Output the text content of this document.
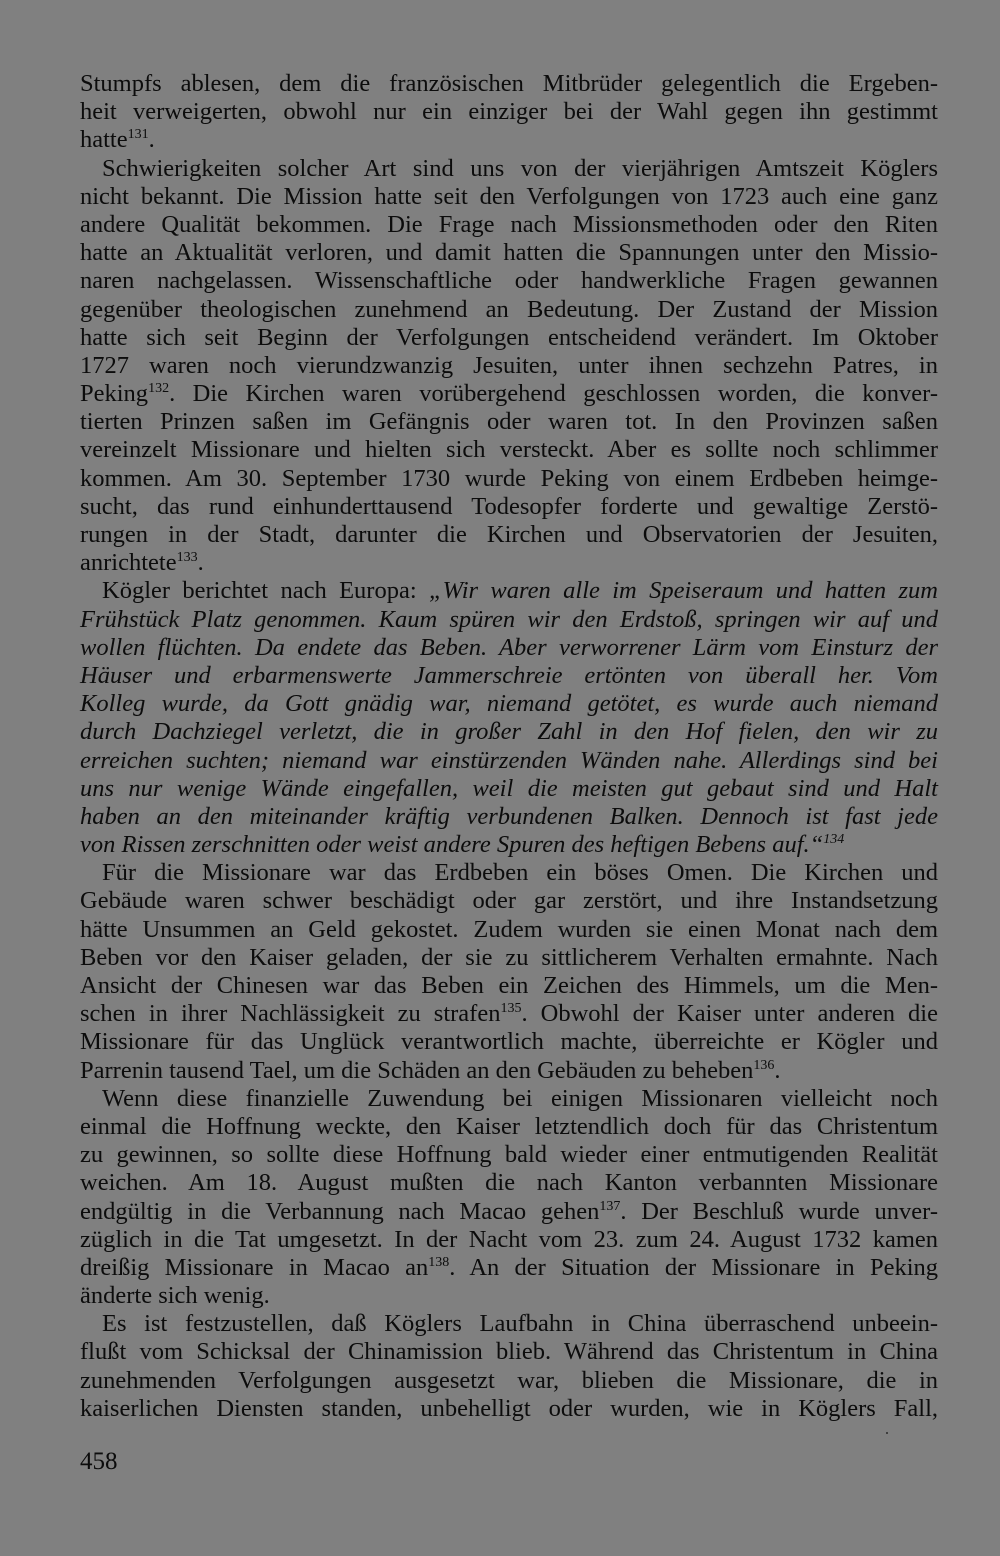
Stumpfs ablesen, dem die französischen Mitbrüder gelegentlich die Ergeben-
heit verweigerten, obwohl nur ein einziger bei der Wahl gegen ihn gestimmt
hatte$^{131}$.
Schwierigkeiten solcher Art sind uns von der vierjährigen Amtszeit Köglers
nicht bekannt. Die Mission hatte seit den Verfolgungen von 1723 auch eine ganz
andere Qualität bekommen. Die Frage nach Missionsmethoden oder den Riten
hatte an Aktualität verloren, und damit hatten die Spannungen unter den Missio-
naren nachgelassen. Wissenschaftliche oder handwerkliche Fragen gewannen
gegenüber theologischen zunehmend an Bedeutung. Der Zustand der Mission
hatte sich seit Beginn der Verfolgungen entscheidend verändert. Im Oktober
1727 waren noch vierundzwanzig Jesuiten, unter ihnen sechzehn Patres, in
Peking$^{132}$. Die Kirchen waren vorübergehend geschlossen worden, die konver-
tierten Prinzen saßen im Gefängnis oder waren tot. In den Provinzen saßen
vereinzelt Missionare und hielten sich versteckt. Aber es sollte noch schlimmer
kommen. Am 30. September 1730 wurde Peking von einem Erdbeben heimge-
sucht, das rund einhunderttausend Todesopfer forderte und gewaltige Zerstö-
rungen in der Stadt, darunter die Kirchen und Observatorien der Jesuiten,
anrichtete$^{133}$.
Kögler berichtet nach Europa: „Wir waren alle im Speiseraum und hatten zum
Frühstück Platz genommen. Kaum spüren wir den Erdstoß, springen wir auf und
wollen flüchten. Da endete das Beben. Aber verworrener Lärm vom Einsturz der
Häuser und erbarmenswerte Jammerschreie ertönten von überall her. Vom
Kolleg wurde, da Gott gnädig war, niemand getötet, es wurde auch niemand
durch Dachziegel verletzt, die in großer Zahl in den Hof fielen, den wir zu
erreichen suchten; niemand war einstürzenden Wänden nahe. Allerdings sind bei
uns nur wenige Wände eingefallen, weil die meisten gut gebaut sind und Halt
haben an den miteinander kräftig verbundenen Balken. Dennoch ist fast jede
von Rissen zerschnitten oder weist andere Spuren des heftigen Bebens auf.“$^{134}$
Für die Missionare war das Erdbeben ein böses Omen. Die Kirchen und
Gebäude waren schwer beschädigt oder gar zerstört, und ihre Instandsetzung
hätte Unsummen an Geld gekostet. Zudem wurden sie einen Monat nach dem
Beben vor den Kaiser geladen, der sie zu sittlicherem Verhalten ermahnte. Nach
Ansicht der Chinesen war das Beben ein Zeichen des Himmels, um die Men-
schen in ihrer Nachlässigkeit zu strafen$^{135}$. Obwohl der Kaiser unter anderen die
Missionare für das Unglück verantwortlich machte, überreichte er Kögler und
Parrenin tausend Tael, um die Schäden an den Gebäuden zu beheben$^{136}$.
Wenn diese finanzielle Zuwendung bei einigen Missionaren vielleicht noch
einmal die Hoffnung weckte, den Kaiser letztendlich doch für das Christentum
zu gewinnen, so sollte diese Hoffnung bald wieder einer entmutigenden Realität
weichen. Am 18. August mußten die nach Kanton verbannten Missionare
endgültig in die Verbannung nach Macao gehen$^{137}$. Der Beschluß wurde unver-
züglich in die Tat umgesetzt. In der Nacht vom 23. zum 24. August 1732 kamen
dreißig Missionare in Macao $an^{138}$. An der Situation der Missionare in Peking
änderte sich wenig.
Es ist festzustellen, daß Köglers Laufbahn in China überraschend unbeein-
flußt vom Schicksal der Chinamission blieb. Während das Christentum in China
zunehmenden Verfolgungen ausgesetzt war, blieben die Missionare, die in
kaiserlichen Diensten standen, unbehelligt oder wurden, wie in Köglers Fall,
458
